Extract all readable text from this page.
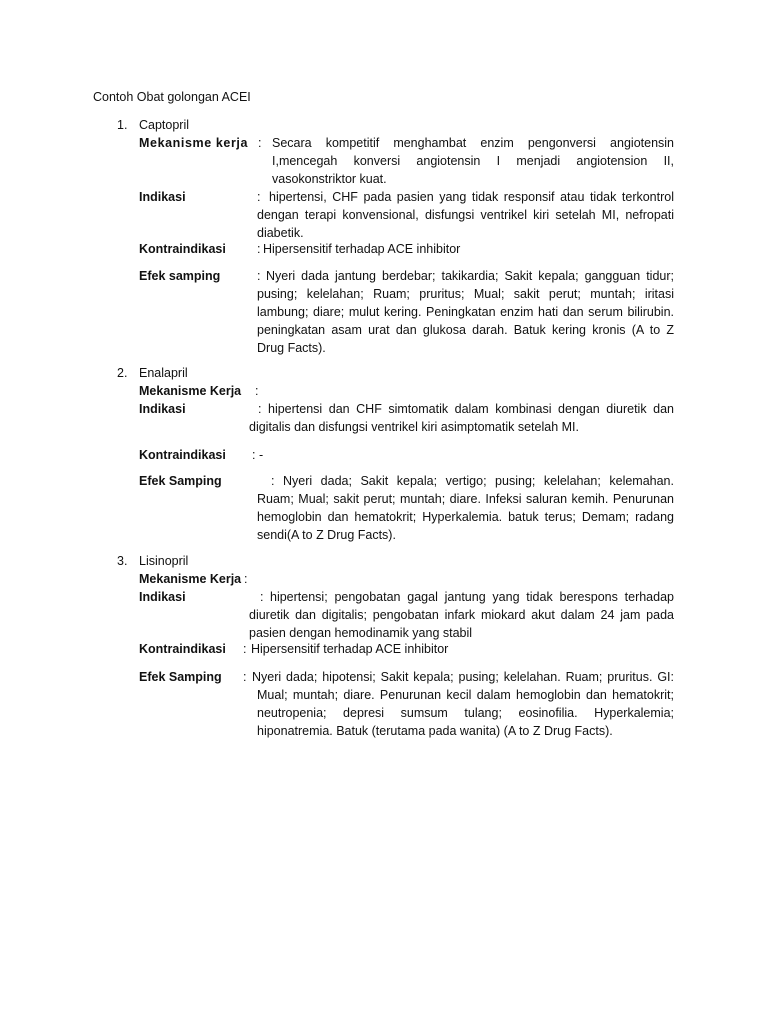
Contoh Obat golongan ACEI
1. Captopril
Mekanisme kerja : Secara kompetitif menghambat enzim pengonversi angiotensin I,mencegah konversi angiotensin I menjadi angiotension II, vasokonstriktor kuat.
Indikasi	: hipertensi, CHF pada pasien yang tidak responsif atau tidak terkontrol dengan terapi konvensional, disfungsi ventrikel kiri setelah MI, nefropati diabetik.
Kontraindikasi : Hipersensitif terhadap ACE inhibitor
Efek samping	: Nyeri dada jantung berdebar; takikardia; Sakit kepala; gangguan tidur; pusing; kelelahan; Ruam; pruritus; Mual; sakit perut; muntah; iritasi lambung; diare; mulut kering. Peningkatan enzim hati dan serum bilirubin. peningkatan asam urat dan glukosa darah. Batuk kering kronis (A to Z Drug Facts).
2. Enalapril
Mekanisme Kerja :
Indikasi	: hipertensi dan CHF simtomatik dalam kombinasi dengan diuretik dan digitalis dan disfungsi ventrikel kiri asimptomatik setelah MI.
Kontraindikasi : -
Efek Samping	: Nyeri dada; Sakit kepala; vertigo; pusing; kelelahan; kelemahan. Ruam; Mual; sakit perut; muntah; diare. Infeksi saluran kemih. Penurunan hemoglobin dan hematokrit; Hyperkalemia. batuk terus; Demam; radang sendi(A to Z Drug Facts).
3. Lisinopril
Mekanisme Kerja :
Indikasi	: hipertensi; pengobatan gagal jantung yang tidak berespons terhadap diuretik dan digitalis; pengobatan infark miokard akut dalam 24 jam pada pasien dengan hemodinamik yang stabil
Kontraindikasi : Hipersensitif terhadap ACE inhibitor
Efek Samping : Nyeri dada; hipotensi; Sakit kepala; pusing; kelelahan. Ruam; pruritus. GI: Mual; muntah; diare. Penurunan kecil dalam hemoglobin dan hematokrit; neutropenia; depresi sumsum tulang; eosinofilia. Hyperkalemia; hiponatremia. Batuk (terutama pada wanita) (A to Z Drug Facts).
